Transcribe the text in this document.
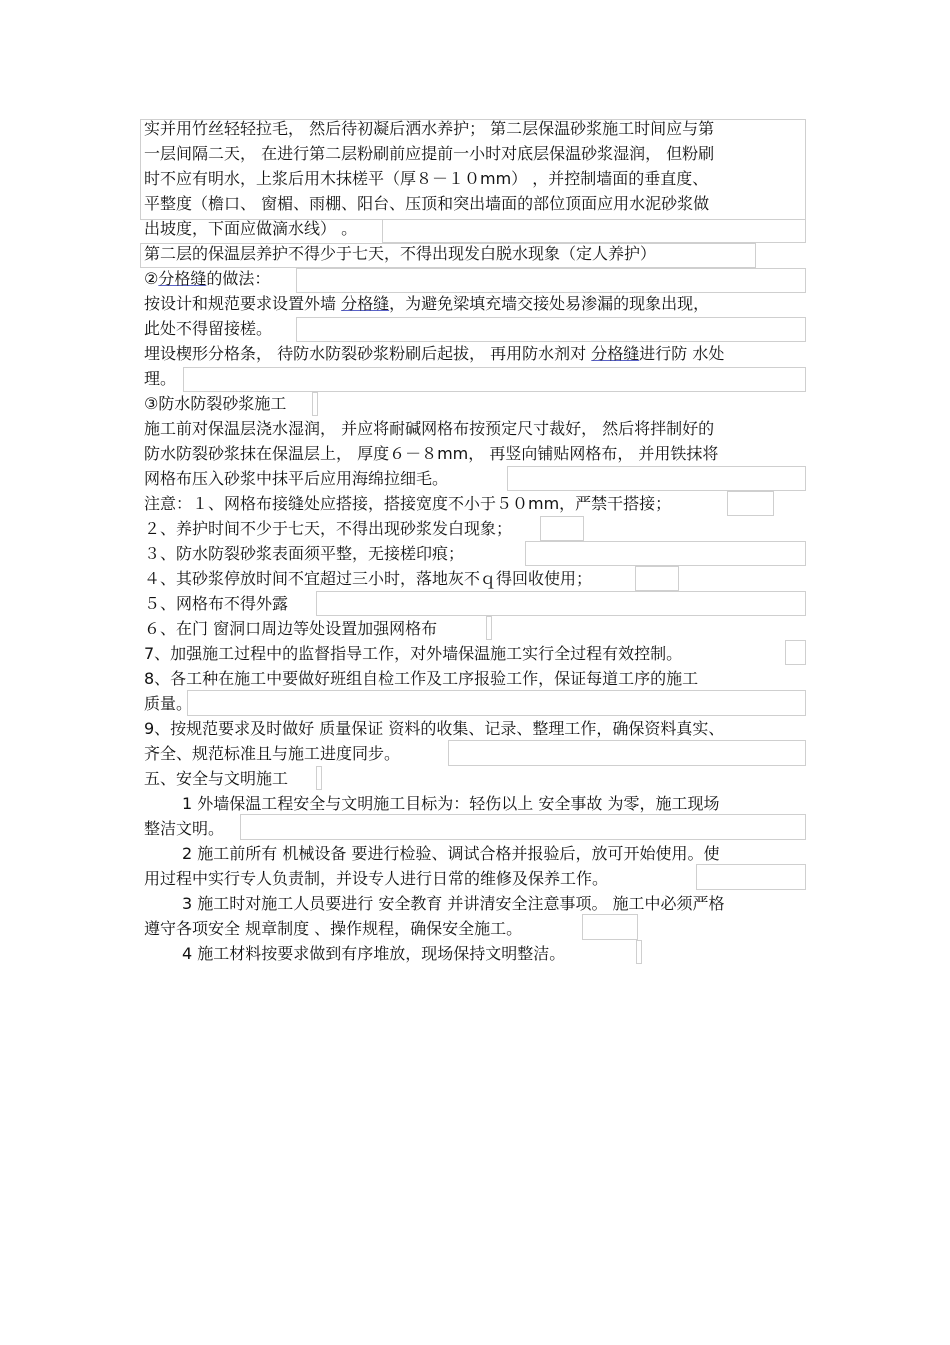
实并用竹丝轻轻拉毛， 然后待初凝后洒水养护； 第二层保温砂浆施工时间应与第
一层间隔二天， 在进行第二层粉刷前应提前一小时对底层保温砂浆湿润， 但粉刷
时不应有明水，上浆后用木抹槎平（厚８－１０mm） ，并控制墙面的垂直度、
平整度（檐口、 窗楣、雨棚、阳台、压顶和突出墙面的部位顶面应用水泥砂浆做
出坡度，下面应做滴水线） 。
第二层的保温层养护不得少于七天，不得出现发白脱水现象（定人养护）
②分格缝的做法：
按设计和规范要求设置外墙 分格缝，为避免梁填充墙交接处易渗漏的现象出现，
此处不得留接槎。
埋设楔形分格条， 待防水防裂砂浆粉刷后起拔， 再用防水剂对 分格缝进行防 水处
理。
③防水防裂砂浆施工
施工前对保温层浇水湿润， 并应将耐碱网格布按预定尺寸裁好， 然后将拌制好的
防水防裂砂浆抹在保温层上， 厚度６－８mm， 再竖向铺贴网格布， 并用铁抹将
网格布压入砂浆中抹平后应用海绵拉细毛。
注意：１、网格布接缝处应搭接，搭接宽度不小于５０mm，严禁干搭接；
２、养护时间不少于七天，不得出现砂浆发白现象；
３、防水防裂砂浆表面须平整，无接槎印痕；
４、其砂浆停放时间不宜超过三小时，落地灰不ｑ得回收使用；
５、网格布不得外露
６、在门 窗洞口周边等处设置加强网格布
7、加强施工过程中的监督指导工作，对外墙保温施工实行全过程有效控制。
8、各工种在施工中要做好班组自检工作及工序报验工作，保证每道工序的施工
质量。
9、按规范要求及时做好 质量保证 资料的收集、记录、整理工作，确保资料真实、
齐全、规范标准且与施工进度同步。
五、安全与文明施工
1 外墙保温工程安全与文明施工目标为：轻伤以上 安全事故 为零，施工现场
整洁文明。
2 施工前所有 机械设备 要进行检验、调试合格并报验后，放可开始使用。使
用过程中实行专人负责制，并设专人进行日常的维修及保养工作。
3 施工时对施工人员要进行 安全教育 并讲清安全注意事项。 施工中必须严格
遵守各项安全 规章制度 、操作规程，确保安全施工。
4 施工材料按要求做到有序堆放，现场保持文明整洁。
